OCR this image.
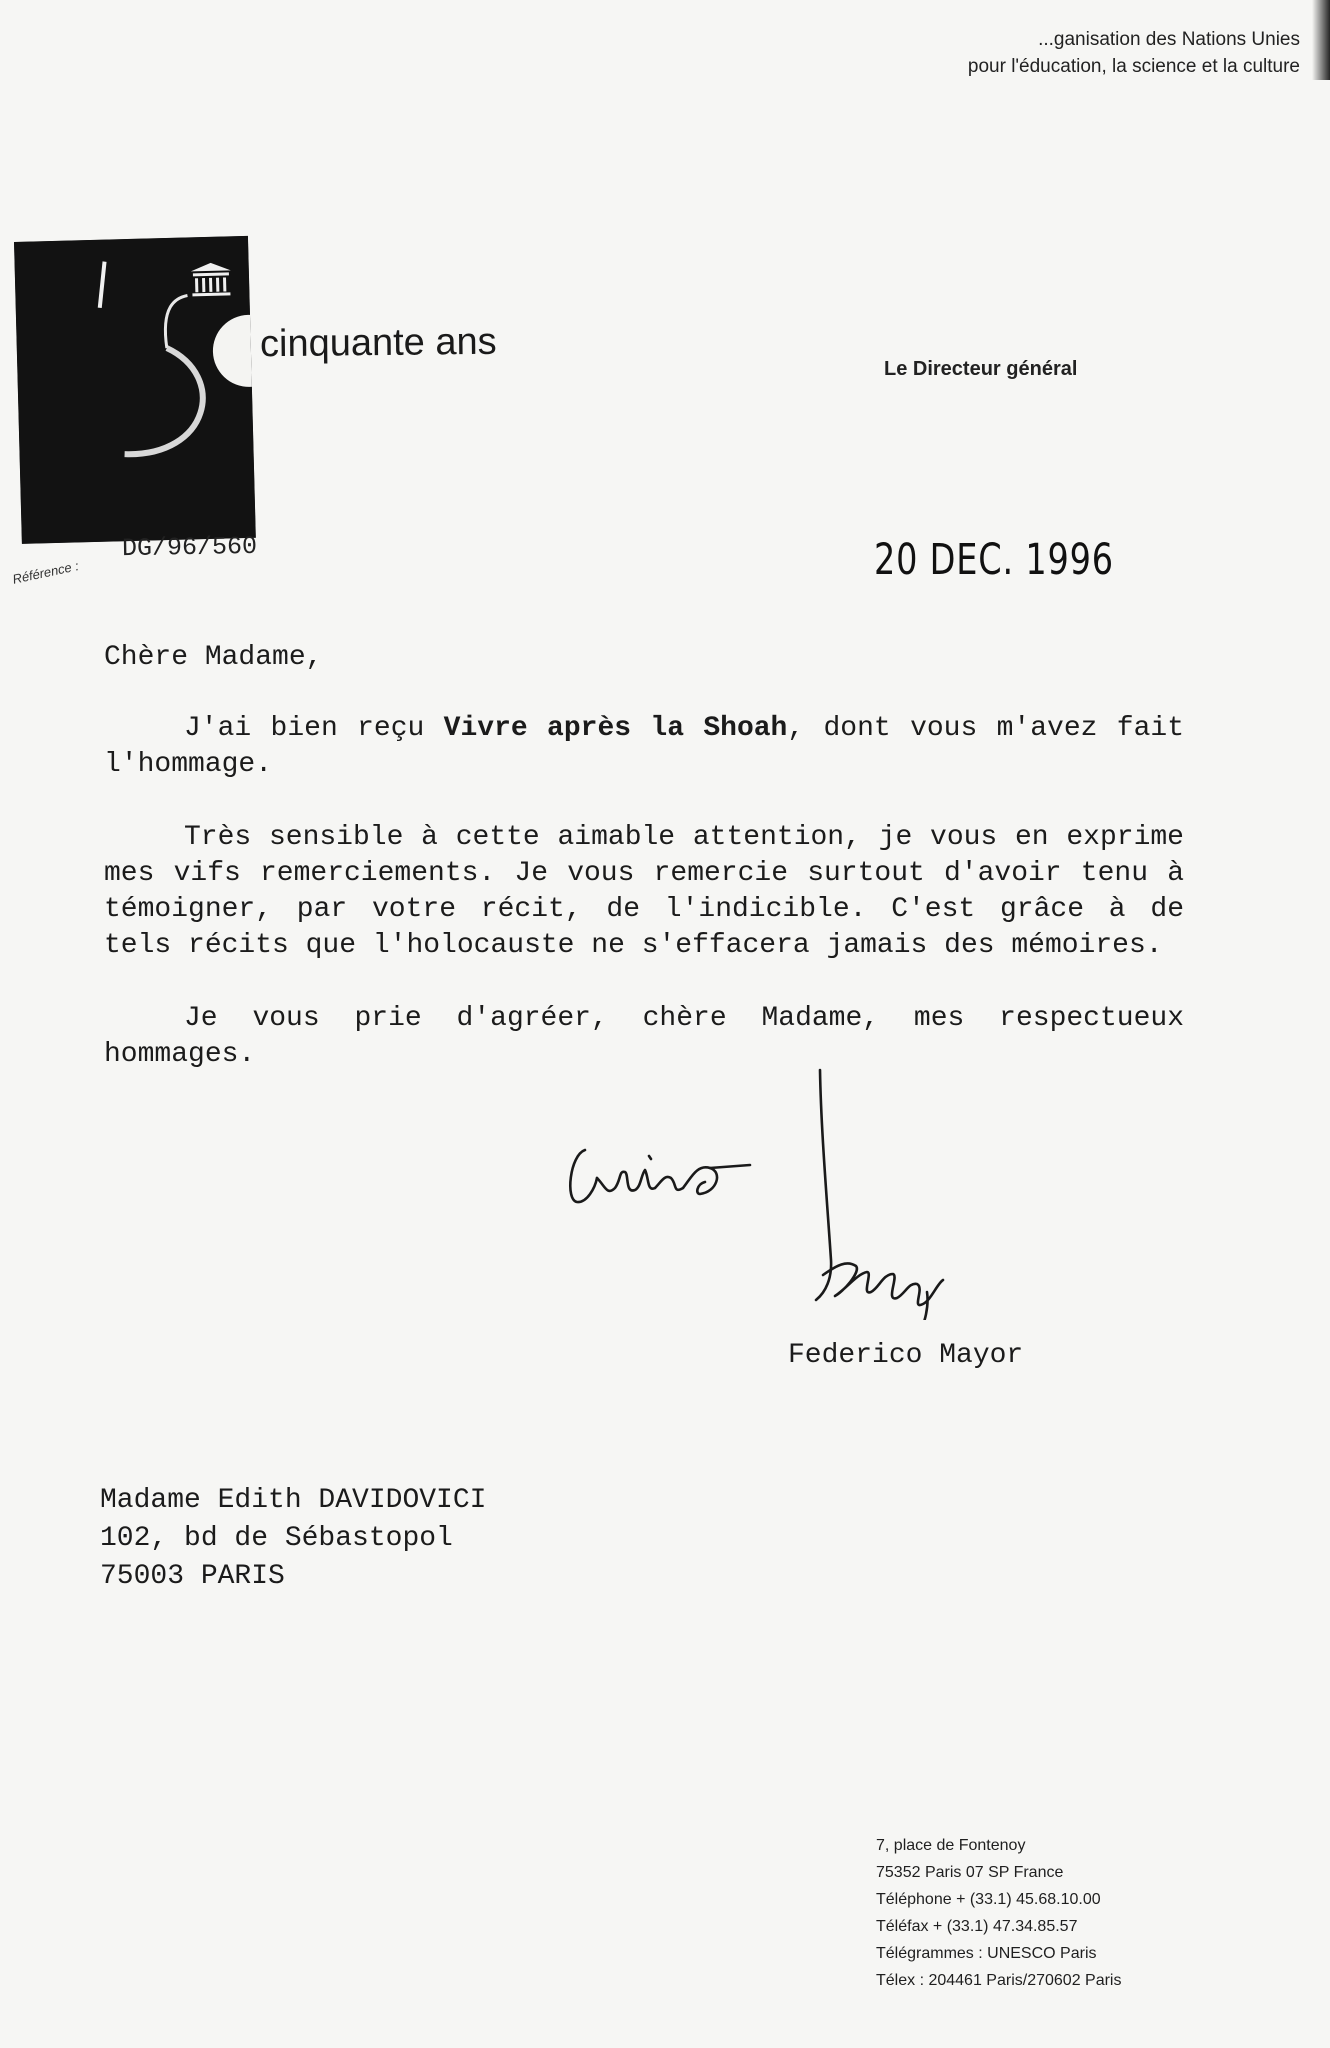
...ganisation des Nations Unies
pour l'éducation, la science et la culture
cinquante ans
Le Directeur général
Référence :
DG/96/560	20 DEC. 1996

Chère Madame,

J'ai bien reçu Vivre après la Shoah, dont vous m'avez fait l'hommage.

Très sensible à cette aimable attention, je vous en exprime mes vifs remerciements. Je vous remercie surtout d'avoir tenu à témoigner, par votre récit, de l'indicible. C'est grâce à de tels récits que l'holocauste ne s'effacera jamais des mémoires.

Je vous prie d'agréer, chère Madame, mes respectueux hommages.

Federico Mayor
Madame Edith DAVIDOVICI
102, bd de Sébastopol
75003 PARIS
7, place de Fontenoy
75352 Paris 07 SP France
Téléphone + (33.1) 45.68.10.00
Téléfax + (33.1) 47.34.85.57
Télégrammes : UNESCO Paris
Télex : 204461 Paris/270602 Paris
